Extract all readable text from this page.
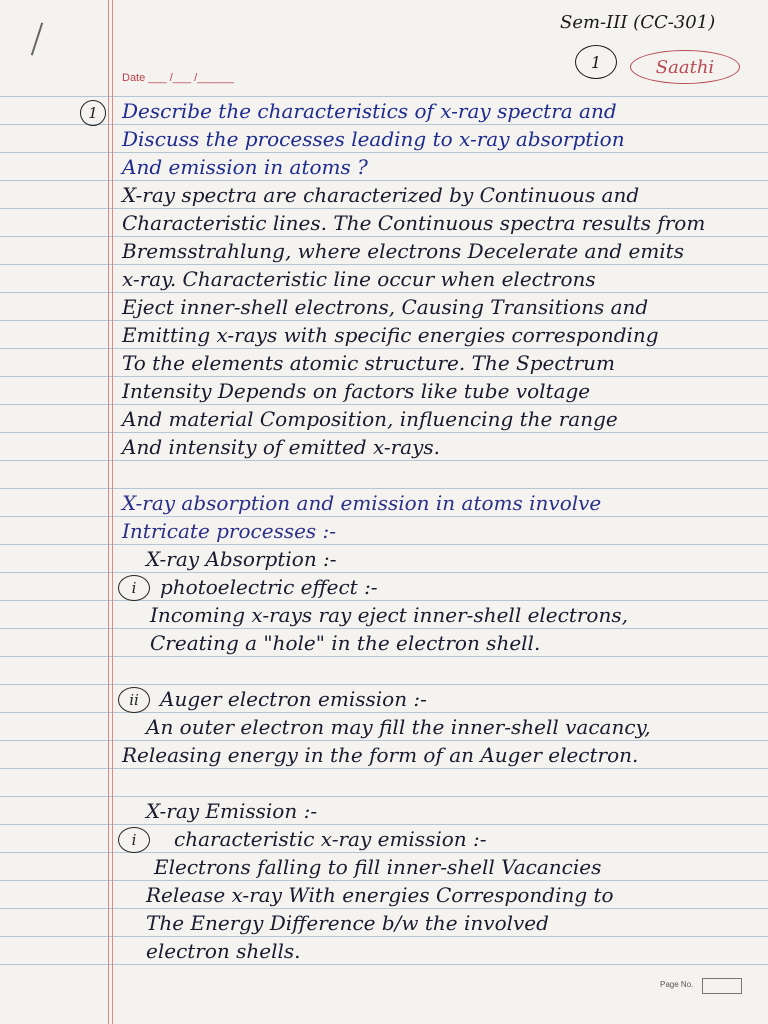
Sem-III (CC-301)
1	Saathi
Date ___ /___ /______
1 Describe the characteristics of x-ray spectra and
Discuss the processes leading to x-ray absorption
And emission in atoms ?
X-ray spectra are characterized by Continuous and
Characteristic lines. The Continuous spectra results from
Bremsstrahlung, where electrons Decelerate and emits
x-ray. Characteristic line occur when electrons
Eject inner-shell electrons, Causing Transitions and
Emitting x-rays with specific energies corresponding
To the elements atomic structure. The Spectrum
Intensity Depends on factors like tube voltage
And material Composition, influencing the range
And intensity of emitted x-rays.
X-ray absorption and emission in atoms involve
Intricate processes :-
X-ray Absorption :-
i photoelectric effect :-
Incoming x-rays ray eject inner-shell electrons,
Creating a "hole" in the electron shell.
ii Auger electron emission :-
An outer electron may fill the inner-shell vacancy,
Releasing energy in the form of an Auger electron.
X-ray Emission :-
i characteristic x-ray emission :-
Electrons falling to fill inner-shell Vacancies
Release x-ray With energies Corresponding to
The Energy Difference b/w the involved
electron shells.
Page No.
